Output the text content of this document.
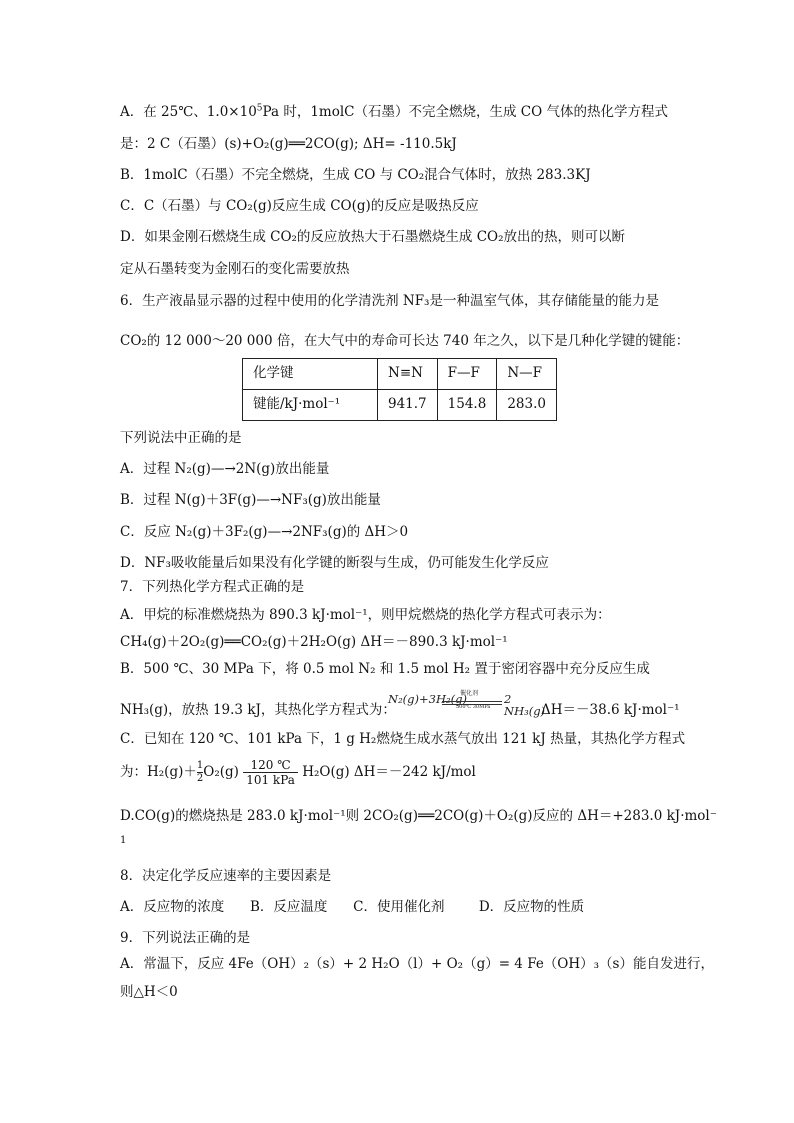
A．在 25℃、$1.0\times 10^5Pa$ 时，1molC（石墨）不完全燃烧，生成 CO 气体的热化学方程式
是：2 C（石墨）(s)+O₂(g)══2CO(g); ΔH= -110.5kJ
B．1molC（石墨）不完全燃烧，生成 CO 与 CO₂混合气体时，放热 283.3KJ
C．C（石墨）与 CO₂(g)反应生成 CO(g)的反应是吸热反应
D．如果金刚石燃烧生成 CO₂的反应放热大于石墨燃烧生成 CO₂放出的热，则可以断
定从石墨转变为金刚石的变化需要放热
6．生产液晶显示器的过程中使用的化学清洗剂 NF₃是一种温室气体，其存储能量的能力是
CO₂的 12 000～20 000 倍，在大气中的寿命可长达 740 年之久，以下是几种化学键的键能：
化学键	N≡N	F—F	N—F
键能/kJ·mol⁻¹	941.7	154.8	283.0
下列说法中正确的是
A．过程 N₂(g)—→2N(g)放出能量
B．过程 N(g)＋3F(g)—→NF₃(g)放出能量
C．反应 N₂(g)＋3F₂(g)—→2NF₃(g)的 ΔH＞0
D．NF₃吸收能量后如果没有化学键的断裂与生成，仍可能发生化学反应
7．下列热化学方程式正确的是
A．甲烷的标准燃烧热为 890.3 kJ·mol⁻¹，则甲烷燃烧的热化学方程式可表示为：
CH₄(g)＋2O₂(g)══CO₂(g)＋2H₂O(g) ΔH＝－890.3 kJ·mol⁻¹
B．500 ℃、30 MPa 下，将 0.5 mol N₂ 和 1.5 mol H₂ 置于密闭容器中充分反应生成
NH₃(g)，放热 19.3 kJ，其热化学方程式为：
N₂(g)+3H₂(g)
催化剂
500℃ 30MPa
2 NH₃(g)
ΔH＝－38.6 kJ·mol⁻¹
C．已知在 120 ℃、101 kPa 下，1 g H₂燃烧生成水蒸气放出 121 kJ 热量，其热化学方程式
为：$H_2(g)+ \frac{1}{2} O_2(g)$ 120 ℃
101 kPa H₂O(g) ΔH＝－242 kJ/mol
D.CO(g)的燃烧热是 283.0 kJ·mol⁻¹则 2CO₂(g)══2CO(g)＋O₂(g)反应的 ΔH＝+283.0 kJ·mol⁻
1
8．决定化学反应速率的主要因素是
A．反应物的浓度      B．反应温度      C．使用催化剂        D．反应物的性质
9．下列说法正确的是
A．常温下，反应 4Fe（OH）₂（s）+ 2 H₂O（l）+ O₂（g）= 4 Fe（OH）₃（s）能自发进行，
则△H＜0
